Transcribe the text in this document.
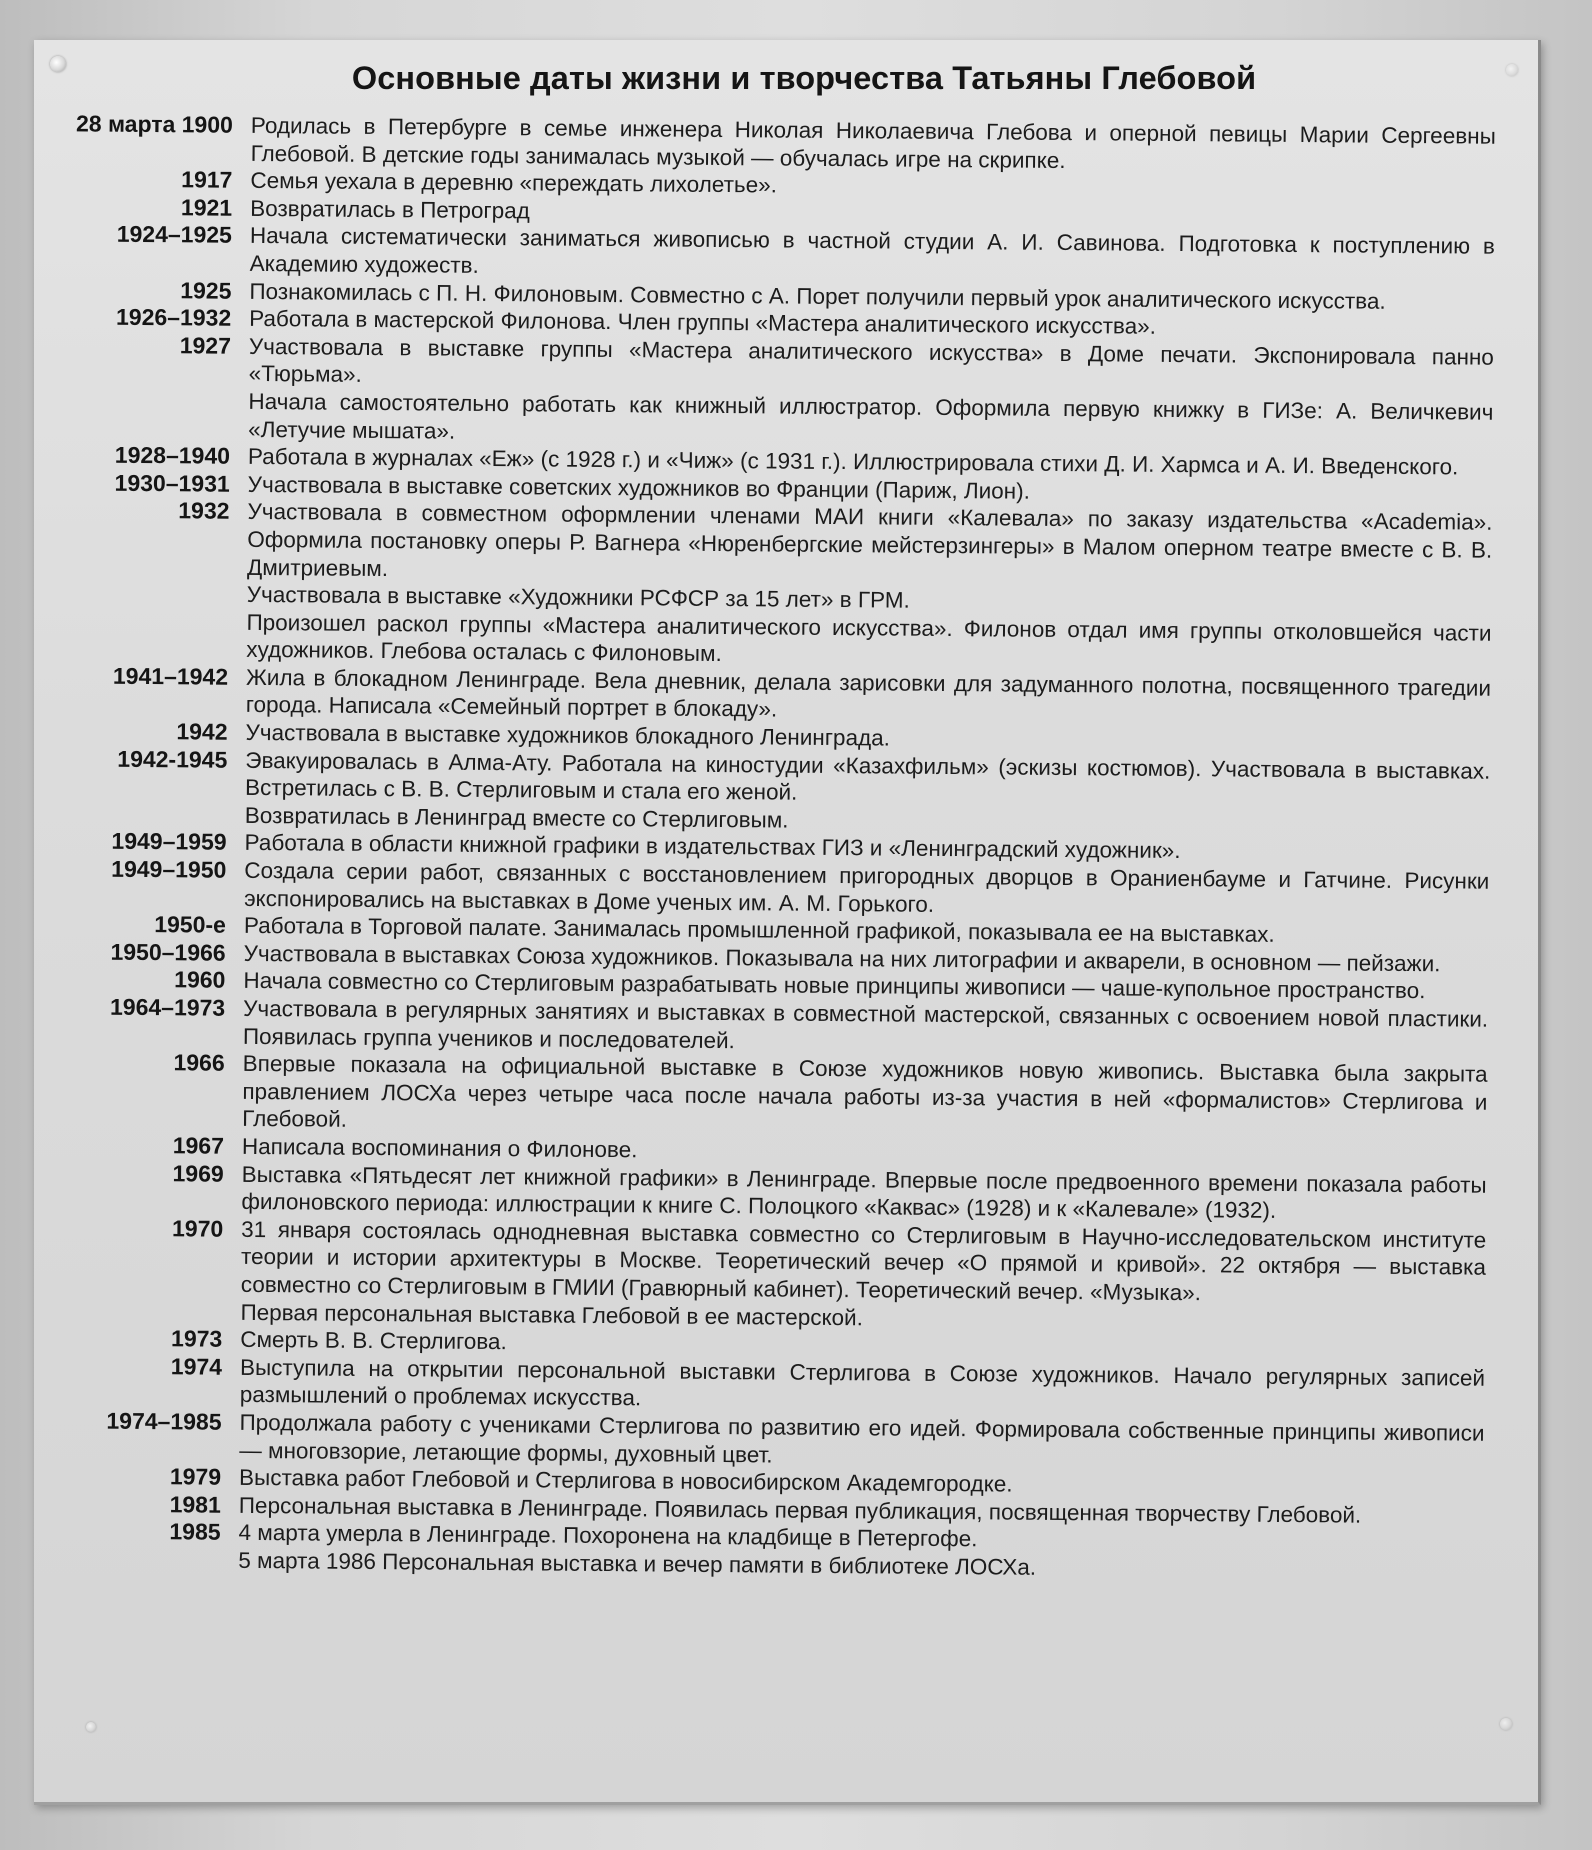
Основные даты жизни и творчества Татьяны Глебовой
28 марта 1900 Родилась в Петербурге в семье инженера Николая Николаевича Глебова и оперной певицы Марии Сергеевны Глебовой. В детские годы занималась музыкой — обучалась игре на скрипке.

1917 Семья уехала в деревню «переждать лихолетье».

1921 Возвратилась в Петроград

1924–1925 Начала систематически заниматься живописью в частной студии А. И. Савинова. Подготовка к поступлению в Академию художеств.

1925 Познакомилась с П. Н. Филоновым. Совместно с А. Порет получили первый урок аналитического искусства.

1926–1932 Работала в мастерской Филонова. Член группы «Мастера аналитического искусства».

1927 Участвовала в выставке группы «Мастера аналитического искусства» в Доме печати. Экспонировала панно «Тюрьма».

Начала самостоятельно работать как книжный иллюстратор. Оформила первую книжку в ГИЗе: А. Величкевич «Летучие мышата».

1928–1940 Работала в журналах «Еж» (с 1928 г.) и «Чиж» (с 1931 г.). Иллюстрировала стихи Д. И. Хармса и А. И. Введенского.

1930–1931 Участвовала в выставке советских художников во Франции (Париж, Лион).

1932 Участвовала в совместном оформлении членами МАИ книги «Калевала» по заказу издательства «Academia». Оформила постановку оперы Р. Вагнера «Нюренбергские мейстерзингеры» в Малом оперном театре вместе с В. В. Дмитриевым.

Участвовала в выставке «Художники РСФСР за 15 лет» в ГРМ.

Произошел раскол группы «Мастера аналитического искусства». Филонов отдал имя группы отколовшейся части художников. Глебова осталась с Филоновым.

1941–1942 Жила в блокадном Ленинграде. Вела дневник, делала зарисовки для задуманного полотна, посвященного трагедии города. Написала «Семейный портрет в блокаду».

1942 Участвовала в выставке художников блокадного Ленинграда.

1942-1945 Эвакуировалась в Алма-Ату. Работала на киностудии «Казахфильм» (эскизы костюмов). Участвовала в выставках. Встретилась с В. В. Стерлиговым и стала его женой.

Возвратилась в Ленинград вместе со Стерлиговым.

1949–1959 Работала в области книжной графики в издательствах ГИЗ и «Ленинградский художник».

1949–1950 Создала серии работ, связанных с восстановлением пригородных дворцов в Ораниенбауме и Гатчине. Рисунки экспонировались на выставках в Доме ученых им. А. М. Горького.

1950-е Работала в Торговой палате. Занималась промышленной графикой, показывала ее на выставках.

1950–1966 Участвовала в выставках Союза художников. Показывала на них литографии и акварели, в основном — пейзажи.

1960 Начала совместно со Стерлиговым разрабатывать новые принципы живописи — чаше-купольное пространство.

1964–1973 Участвовала в регулярных занятиях и выставках в совместной мастерской, связанных с освоением новой пластики. Появилась группа учеников и последователей.

1966 Впервые показала на официальной выставке в Союзе художников новую живопись. Выставка была закрыта правлением ЛОСХа через четыре часа после начала работы из-за участия в ней «формалистов» Стерлигова и Глебовой.

1967 Написала воспоминания о Филонове.

1969 Выставка «Пятьдесят лет книжной графики» в Ленинграде. Впервые после предвоенного времени показала работы филоновского периода: иллюстрации к книге С. Полоцкого «Каквас» (1928) и к «Калевале» (1932).

1970 31 января состоялась однодневная выставка совместно со Стерлиговым в Научно-исследовательском институте теории и истории архитектуры в Москве. Теоретический вечер «О прямой и кривой». 22 октября — выставка совместно со Стерлиговым в ГМИИ (Гравюрный кабинет). Теоретический вечер. «Музыка».

Первая персональная выставка Глебовой в ее мастерской.

1973 Смерть В. В. Стерлигова.

1974 Выступила на открытии персональной выставки Стерлигова в Союзе художников. Начало регулярных записей размышлений о проблемах искусства.

1974–1985 Продолжала работу с учениками Стерлигова по развитию его идей. Формировала собственные принципы живописи — многовзорие, летающие формы, духовный цвет.

1979 Выставка работ Глебовой и Стерлигова в новосибирском Академгородке.

1981 Персональная выставка в Ленинграде. Появилась первая публикация, посвященная творчеству Глебовой.

1985 4 марта умерла в Ленинграде. Похоронена на кладбище в Петергофе.

5 марта 1986 Персональная выставка и вечер памяти в библиотеке ЛОСХа.
